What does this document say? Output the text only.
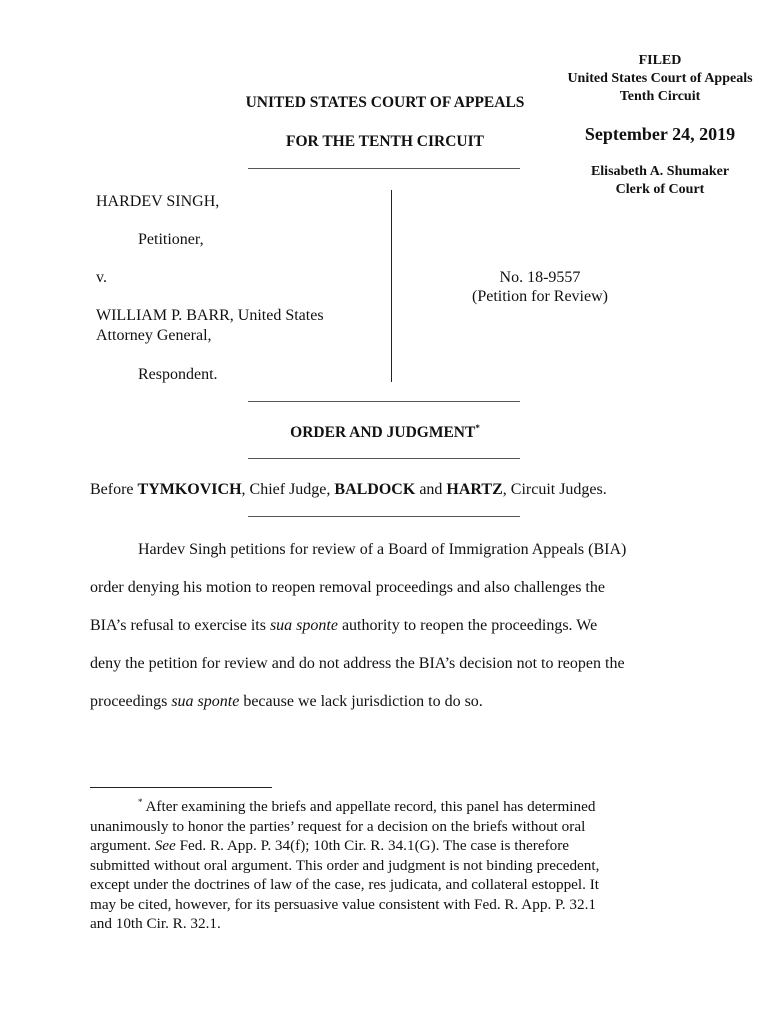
FILED
United States Court of Appeals
Tenth Circuit
September 24, 2019
Elisabeth A. Shumaker
Clerk of Court
UNITED STATES COURT OF APPEALS
FOR THE TENTH CIRCUIT
HARDEV SINGH,
Petitioner,
v.
WILLIAM P. BARR, United States
Attorney General,
Respondent.
No. 18-9557
(Petition for Review)
ORDER AND JUDGMENT*
Before TYMKOVICH, Chief Judge, BALDOCK and HARTZ, Circuit Judges.
Hardev Singh petitions for review of a Board of Immigration Appeals (BIA)
order denying his motion to reopen removal proceedings and also challenges the
BIA’s refusal to exercise its sua sponte authority to reopen the proceedings. We
deny the petition for review and do not address the BIA’s decision not to reopen the
proceedings sua sponte because we lack jurisdiction to do so.
* After examining the briefs and appellate record, this panel has determined
unanimously to honor the parties’ request for a decision on the briefs without oral
argument. See Fed. R. App. P. 34(f); 10th Cir. R. 34.1(G). The case is therefore
submitted without oral argument. This order and judgment is not binding precedent,
except under the doctrines of law of the case, res judicata, and collateral estoppel. It
may be cited, however, for its persuasive value consistent with Fed. R. App. P. 32.1
and 10th Cir. R. 32.1.
